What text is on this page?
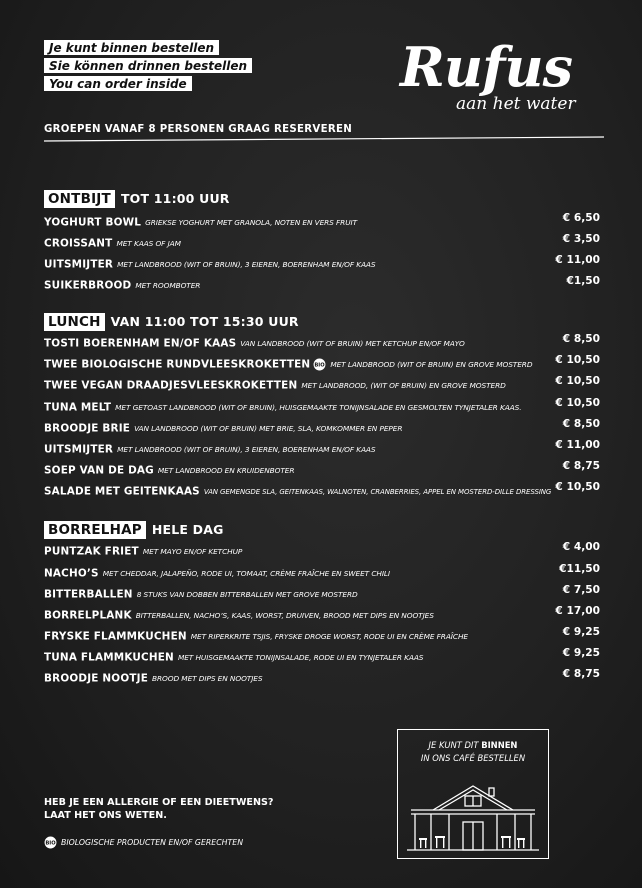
Je kunt binnen bestellen
Sie können drinnen bestellen
You can order inside	Rufus
aan het water
GROEPEN VANAF 8 PERSONEN GRAAG RESERVEREN
ONTBIJT TOT 11:00 UUR
YOGHURT BOWL GRIEKSE YOGHURT MET GRANOLA, NOTEN EN VERS FRUIT	€ 6,50
CROISSANT MET KAAS OF JAM	€ 3,50
UITSMIJTER MET LANDBROOD (WIT OF BRUIN), 3 EIEREN, BOERENHAM EN/OF KAAS	€ 11,00
SUIKERBROOD MET ROOMBOTER	€1,50
LUNCH VAN 11:00 TOT 15:30 UUR
TOSTI BOERENHAM EN/OF KAAS VAN LANDBROOD (WIT OF BRUIN) MET KETCHUP EN/OF MAYO	€ 8,50
TWEE BIOLOGISCHE RUNDVLEESKROKETTEN BIO MET LANDBROOD (WIT OF BRUIN) EN GROVE MOSTERD € 10,50
TWEE VEGAN DRAADJESVLEESKROKETTEN MET LANDBROOD, (WIT OF BRUIN) EN GROVE MOSTERD	€ 10,50
TUNA MELT MET GETOAST LANDBROOD (WIT OF BRUIN), HUISGEMAAKTE TONIJNSALADE EN GESMOLTEN TYNJETALER KAAS.	€ 10,50
BROODJE BRIE VAN LANDBROOD (WIT OF BRUIN) MET BRIE, SLA, KOMKOMMER EN PEPER	€ 8,50
UITSMIJTER MET LANDBROOD (WIT OF BRUIN), 3 EIEREN, BOERENHAM EN/OF KAAS	€ 11,00
SOEP VAN DE DAG MET LANDBROOD EN KRUIDENBOTER	€ 8,75
SALADE MET GEITENKAAS VAN GEMENGDE SLA, GEITENKAAS, WALNOTEN, CRANBERRIES, APPEL EN MOSTERD-DILLE DRESSING € 10,50
BORRELHAP HELE DAG
PUNTZAK FRIET MET MAYO EN/OF KETCHUP	€ 4,00
NACHO’S MET CHEDDAR, JALAPEÑO, RODE UI, TOMAAT, CRÈME FRAÎCHE EN SWEET CHILI	€11,50
BITTERBALLEN 8 STUKS VAN DOBBEN BITTERBALLEN MET GROVE MOSTERD	€ 7,50
BORRELPLANK BITTERBALLEN, NACHO’S, KAAS, WORST, DRUIVEN, BROOD MET DIPS EN NOOTJES	€ 17,00
FRYSKE FLAMMKUCHEN MET RIPERKRITE TSJIS, FRYSKE DROGE WORST, RODE UI EN CRÈME FRAÎCHE	€ 9,25
TUNA FLAMMKUCHEN MET HUISGEMAAKTE TONIJNSALADE, RODE UI EN TYNJETALER KAAS	€ 9,25
BROODJE NOOTJE BROOD MET DIPS EN NOOTJES	€ 8,75
HEB JE EEN ALLERGIE OF EEN DIEETWENS?
LAAT HET ONS WETEN.
BIO BIOLOGISCHE PRODUCTEN EN/OF GERECHTEN
JE KUNT DIT BINNEN
IN ONS CAFÉ BESTELLEN
